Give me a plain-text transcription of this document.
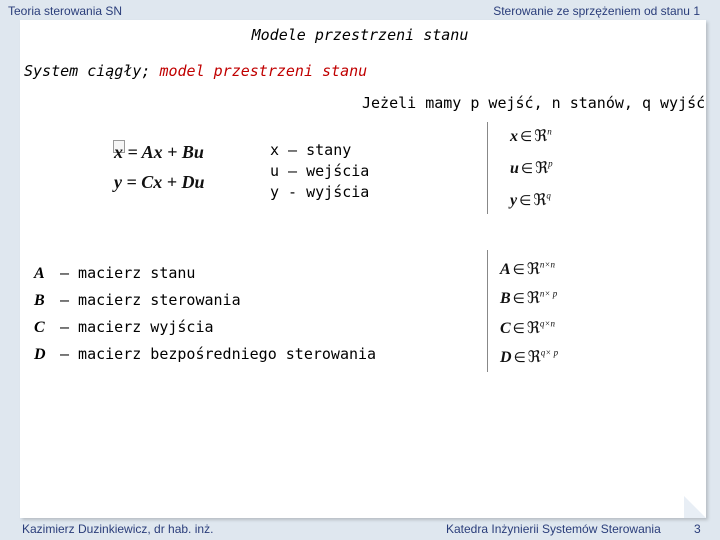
Teoria sterowania SN	Sterowanie ze sprzężeniem od stanu 1
Modele przestrzeni stanu
System ciągły; model przestrzeni stanu
Jeżeli mamy p wejść, n stanów, q wyjść
x = Ax + Bu
y = Cx + Du
x – stany
u – wejścia
y - wyjścia
x ∈ ℜ$^n$
u ∈ ℜ$^p$
y ∈ ℜ$^q$
A – macierz stanu
B – macierz sterowania
C – macierz wyjścia
D – macierz bezpośredniego sterowania
A ∈ ℜ$^{n\times n}$
B ∈ ℜ$^{n\times p}$
C ∈ ℜ$^{q\times n}$
D ∈ ℜ$^{q\times p}$
Kazimierz Duzinkiewicz, dr hab. inż.	Katedra Inżynierii Systemów Sterowania	3
